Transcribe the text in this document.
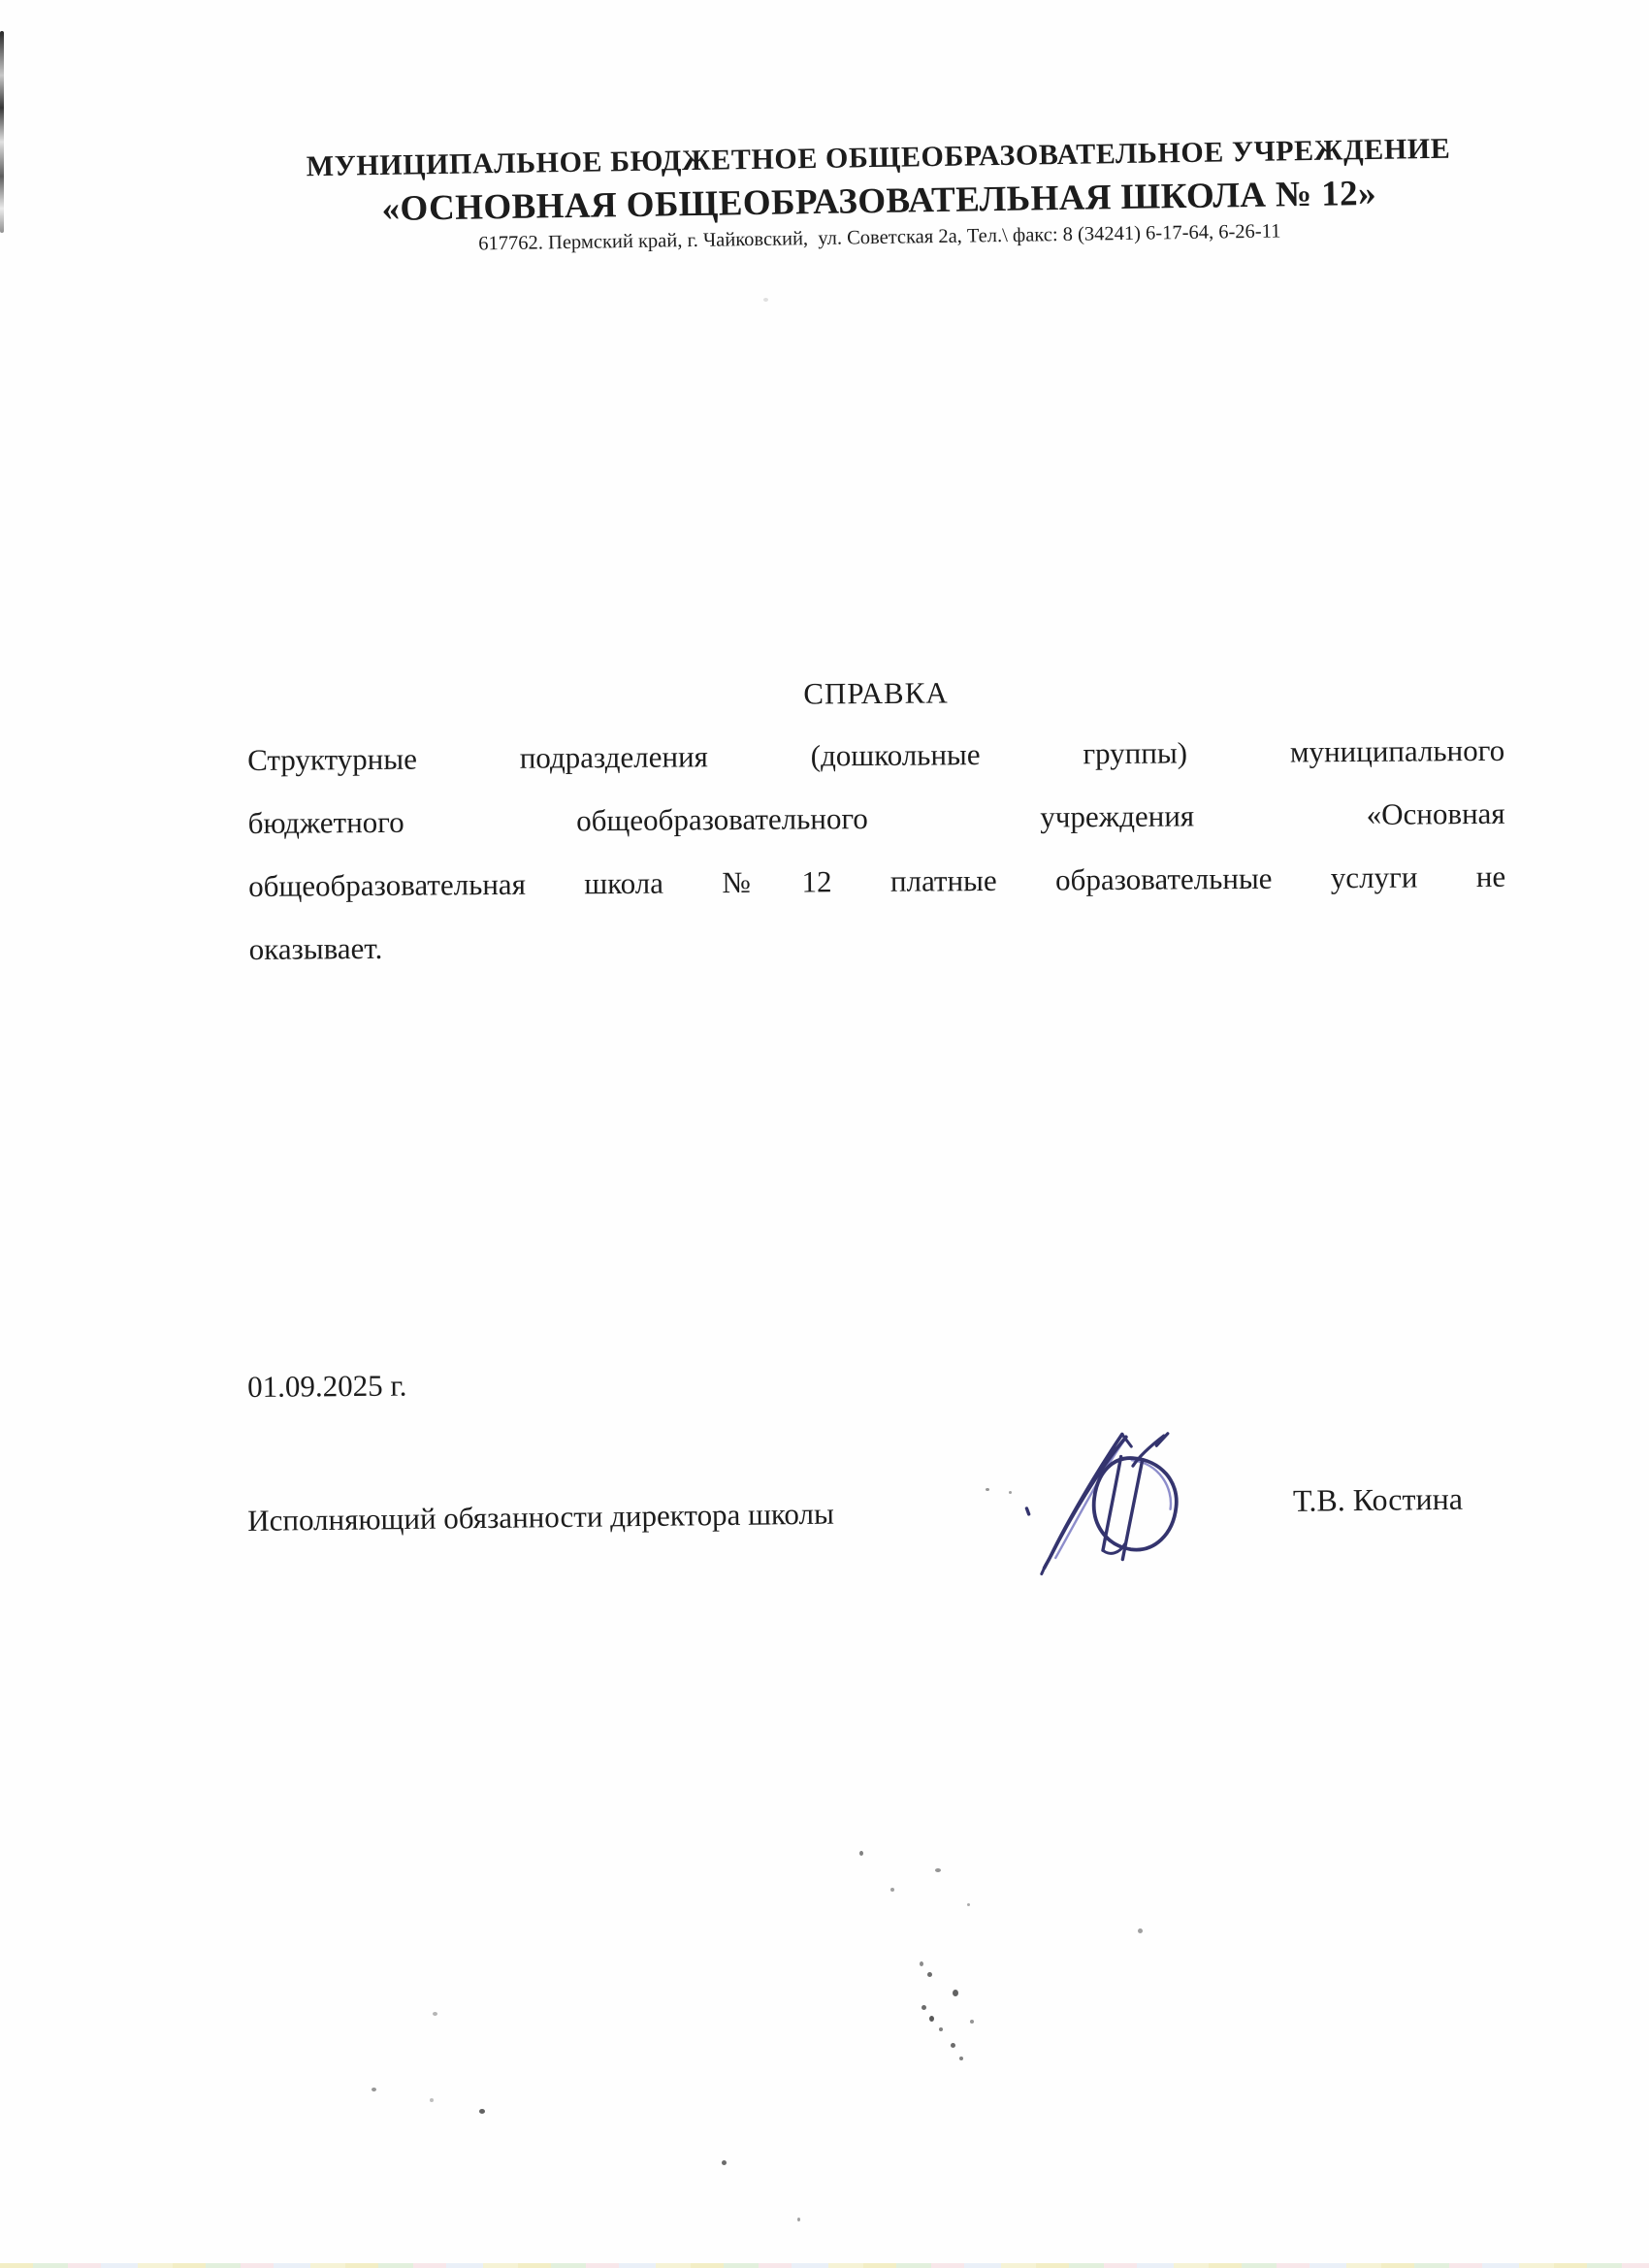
МУНИЦИПАЛЬНОЕ БЮДЖЕТНОЕ ОБЩЕОБРАЗОВАТЕЛЬНОЕ УЧРЕЖДЕНИЕ
«ОСНОВНАЯ ОБЩЕОБРАЗОВАТЕЛЬНАЯ ШКОЛА № 12»
617762. Пермский край, г. Чайковский,  ул. Советская 2а, Тел.\ факс: 8 (34241) 6-17-64, 6-26-11
СПРАВКА
Структурные подразделения (дошкольные группы) муниципального
бюджетного общеобразовательного учреждения «Основная
общеобразовательная школа №12 платные образовательные услуги не
оказывает.
01.09.2025 г.
Исполняющий обязанности директора школы	Т.В. Костина
